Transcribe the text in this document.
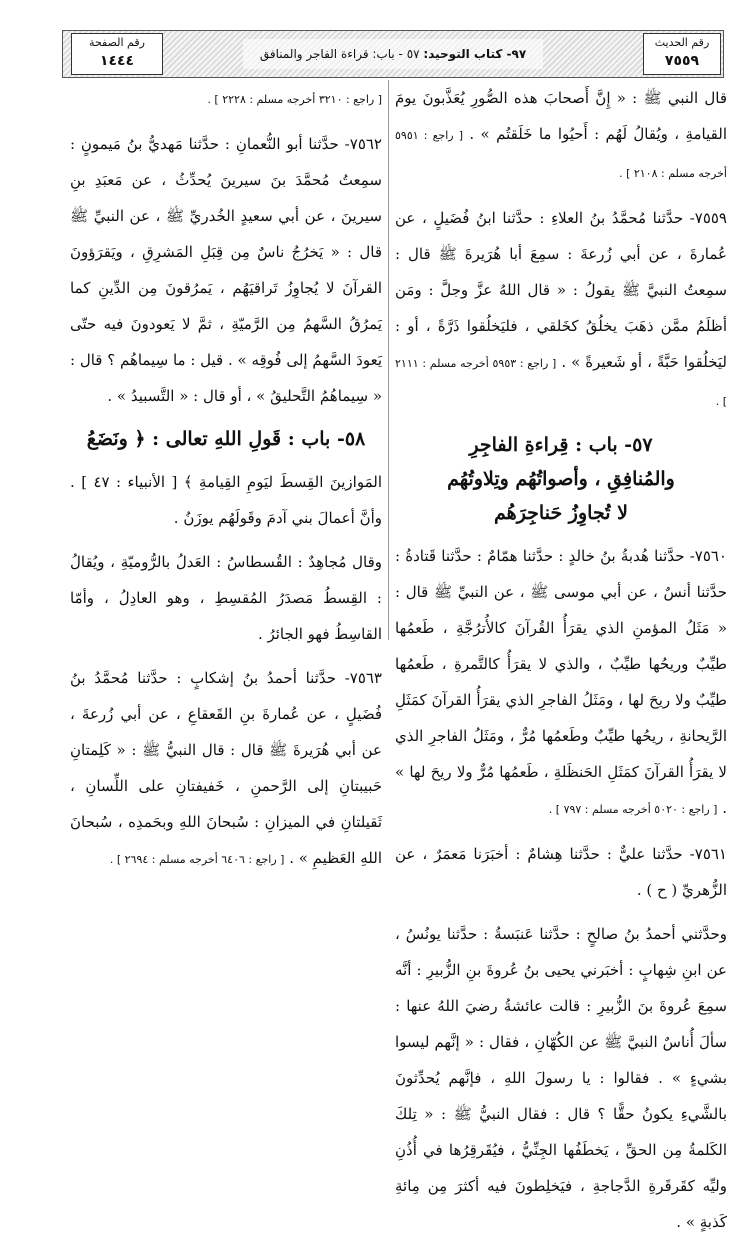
رقم الحديث
٧٥٥٩
٩٧- كتاب التوحيد: ٥٧ - باب: قراءة الفاجر والمنافق
رقم الصفحة
١٤٤٤

قال النبي ﷺ : « إِنَّ أَصحابَ هذه الصُّورِ يُعَذَّبونَ يومَ القيامةِ ، ويُقالُ لَهُم : أَحيُوا ما خَلَقتُم » . [ راجع : ٥٩٥١ أخرجه مسلم : ٢١٠٨ ] .

٧٥٥٩- حدَّثنا مُحمَّدُ بنُ العلاءِ : حدَّثنا ابنُ فُضَيلٍ ، عن عُمارةَ ، عن أبي زُرعةَ : سمِعَ أبا هُرَيرةَ ﷺ قال : سمِعتُ النبيَّ ﷺ يقولُ : « قال اللهُ عزَّ وجلَّ : ومَن أظلَمُ ممَّن ذهَبَ يخلُقُ كخَلقي ، فليَخلُقوا ذَرَّةً ، أو : ليَخلُقوا حَبَّةً ، أو شَعيرةً » . [ راجع : ٥٩٥٣ أخرجه مسلم : ٢١١١ ] .

٥٧- باب : قِراءةِ الفاجِرِ
والمُنافِقِ ، وأصواتُهُم وتِلاوتُهُم
لا تُجاوِزُ حَناجِرَهُم

٧٥٦٠- حدَّثنا هُدبةُ بنُ خالدٍ : حدَّثنا همّامٌ : حدَّثنا قَتادةُ : حدَّثنا أنسٌ ، عن أبي موسى ﷺ ، عن النبيِّ ﷺ قال : « مَثَلُ المؤمنِ الذي يقرَأُ القُرآنَ كالأُترُجَّةِ ، طَعمُها طيِّبٌ وريحُها طيِّبٌ ، والذي لا يقرَأُ كالتَّمرةِ ، طَعمُها طيِّبٌ ولا ريحَ لها ، ومَثَلُ الفاجرِ الذي يقرَأُ القرآنَ كمَثَلِ الرَّيحانةِ ، ريحُها طيِّبٌ وطَعمُها مُرٌّ ، ومَثَلُ الفاجرِ الذي لا يقرَأُ القرآنَ كمَثَلِ الحَنظَلةِ ، طَعمُها مُرٌّ ولا ريحَ لها » . [ راجع : ٥٠٢٠ أخرجه مسلم : ٧٩٧ ] .

٧٥٦١- حدَّثنا عليٌّ : حدَّثنا هِشامٌ : أخبَرَنا مَعمَرٌ ، عن الزُّهريِّ ( ح ) .

وحدَّثني أحمدُ بنُ صالحٍ : حدَّثنا عَنبَسةُ : حدَّثنا يونُسُ ، عن ابنِ شِهابٍ : أخبَرني يحيى بنُ عُروةَ بنِ الزُّبيرِ : أنَّه سمِعَ عُروةَ بنَ الزُّبيرِ : قالت عائشةُ رضيَ اللهُ عنها : سألَ أُناسٌ النبيَّ ﷺ عن الكُهّانِ ، فقال : « إنَّهم ليسوا بشيءٍ » . فقالوا : يا رسولَ اللهِ ، فإنَّهم يُحدِّثونَ بالشَّيءِ يكونُ حقًّا ؟ قال : فقال النبيُّ ﷺ : « تِلكَ الكَلمةُ مِن الحقِّ ، يَخطَفُها الجِنِّيُّ ، فيُقَرقِرُها في أُذُنِ وليِّه كقَرقَرةِ الدَّجاجةِ ، فيَخلِطونَ فيه أكثرَ مِن مِائةِ كَذبةٍ » .

[ راجع : ٣٢١٠ أخرجه مسلم : ٢٢٢٨ ] .

٧٥٦٢- حدَّثنا أبو النُّعمانِ : حدَّثنا مَهديُّ بنُ مَيمونٍ : سمِعتُ مُحمَّدَ بنَ سيرينَ يُحدِّثُ ، عن مَعبَدِ بنِ سيرينَ ، عن أبي سعيدٍ الخُدريِّ ﷺ ، عن النبيِّ ﷺ قال : « يَخرُجُ ناسٌ مِن قِبَلِ المَشرِقِ ، ويَقرَؤونَ القرآنَ لا يُجاوِزُ تَراقيَهُم ، يَمرُقونَ مِن الدِّينِ كما يَمرُقُ السَّهمُ مِن الرَّميّةِ ، ثمَّ لا يَعودونَ فيه حتّى يَعودَ السَّهمُ إلى فُوقِه » . قيل : ما سِيماهُم ؟ قال : « سِيماهُمُ التَّحليقُ » ، أو قال : « التَّسبيدُ » .

٥٨- باب : قَولِ اللهِ تعالى : ﴿ ونَضَعُ

المَوازينَ القِسطَ ليَومِ القِيامةِ ﴾ [ الأنبياء : ٤٧ ] . وأنَّ أعمالَ بني آدمَ وقَولَهُم يوزَنُ .

وقال مُجاهِدٌ : القُسطاسُ : العَدلُ بالرُّوميّةِ ، ويُقالُ : القِسطُ مَصدَرُ المُقسِطِ ، وهو العادِلُ ، وأمّا القاسِطُ فهو الجائرُ .

٧٥٦٣- حدَّثنا أحمدُ بنُ إشكابٍ : حدَّثنا مُحمَّدُ بنُ فُضَيلٍ ، عن عُمارةَ بنِ القَعقاعِ ، عن أبي زُرعةَ ، عن أبي هُرَيرةَ ﷺ قال : قال النبيُّ ﷺ : « كَلِمتانِ حَبيبتانِ إلى الرَّحمنِ ، خَفيفتانِ على اللِّسانِ ، ثَقيلتانِ في الميزانِ : سُبحانَ اللهِ وبحَمدِه ، سُبحانَ اللهِ العَظيمِ » . [ راجع : ٦٤٠٦ أخرجه مسلم : ٢٦٩٤ ] .
